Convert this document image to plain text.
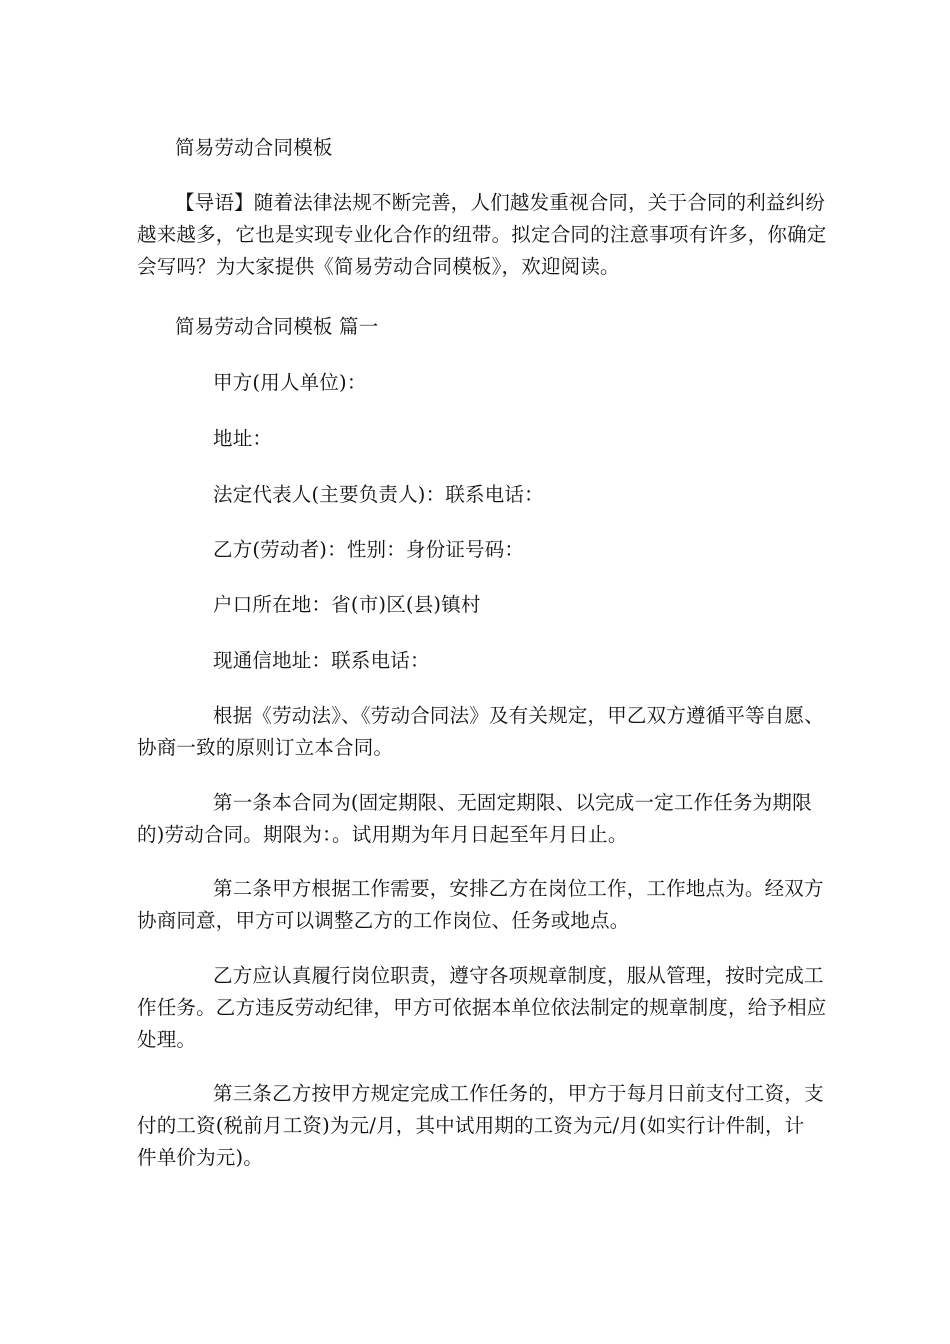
简易劳动合同模板

【导语】随着法律法规不断完善，人们越发重视合同，关于合同的利益纠纷
越来越多，它也是实现专业化合作的纽带。拟定合同的注意事项有许多，你确定
会写吗？为大家提供《简易劳动合同模板》，欢迎阅读。

简易劳动合同模板 篇一

甲方(用人单位)：

地址：

法定代表人(主要负责人)：联系电话：

乙方(劳动者)：性别：身份证号码：

户口所在地：省(市)区(县)镇村

现通信地址：联系电话：

根据《劳动法》、《劳动合同法》及有关规定，甲乙双方遵循平等自愿、
协商一致的原则订立本合同。
第一条本合同为(固定期限、无固定期限、以完成一定工作任务为期限
的)劳动合同。期限为：。试用期为年月日起至年月日止。
第二条甲方根据工作需要，安排乙方在岗位工作，工作地点为。经双方
协商同意，甲方可以调整乙方的工作岗位、任务或地点。
乙方应认真履行岗位职责，遵守各项规章制度，服从管理，按时完成工
作任务。乙方违反劳动纪律，甲方可依据本单位依法制定的规章制度，给予相应
处理。
第三条乙方按甲方规定完成工作任务的，甲方于每月日前支付工资，支
付的工资(税前月工资)为元/月，其中试用期的工资为元/月(如实行计件制，计
件单价为元)。
